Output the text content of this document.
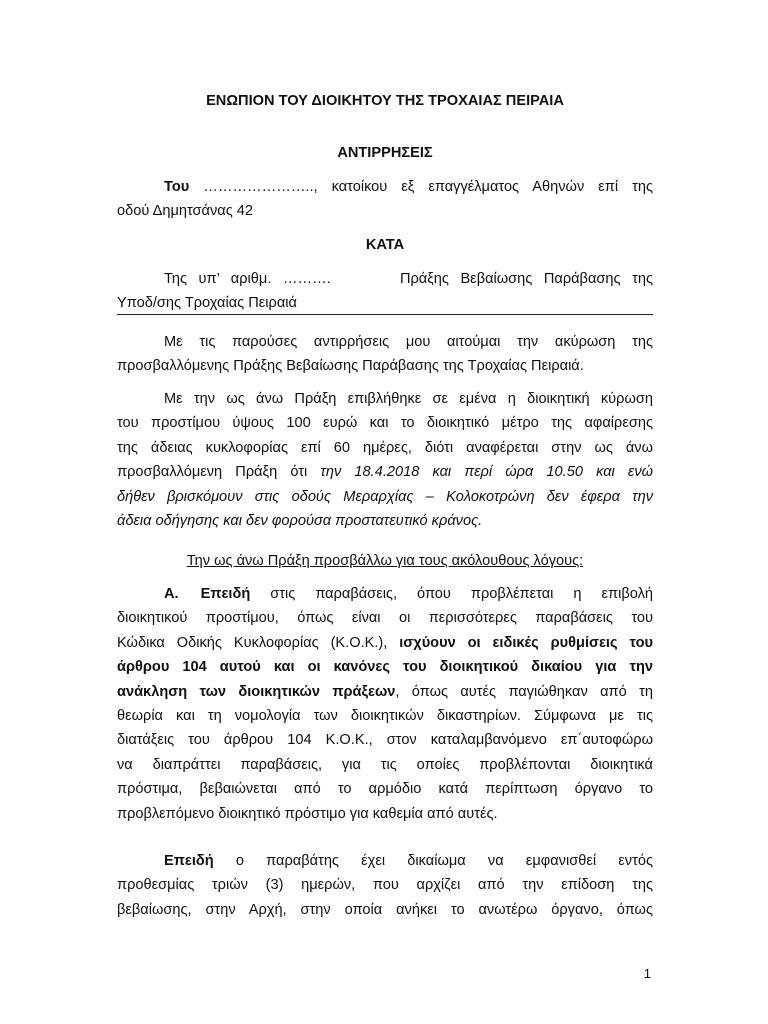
ΕΝΩΠΙΟΝ ΤΟΥ ΔΙΟΙΚΗΤΟΥ ΤΗΣ ΤΡΟΧΑΙΑΣ ΠΕΙΡΑΙΑ
ΑΝΤΙΡΡΗΣΕΙΣ

Του ………………….., κατοίκου εξ επαγγέλματος Αθηνών επί της

οδού Δημητσάνας 42

ΚΑΤΑ

Της υπ’ αριθμ. ……….	Πράξης Βεβαίωσης Παράβασης της

Υποδ/σης Τροχαίας Πειραιά

Με τις παρούσες αντιρρήσεις μου αιτούμαι την ακύρωση της

προσβαλλόμενης Πράξης Βεβαίωσης Παράβασης της Τροχαίας Πειραιά.

Με την ως άνω Πράξη επιβλήθηκε σε εμένα η διοικητική κύρωση

του προστίμου ύψους 100 ευρώ και το διοικητικό μέτρο της αφαίρεσης

της άδειας κυκλοφορίας επί 60 ημέρες, διότι αναφέρεται στην ως άνω

προσβαλλόμενη Πράξη ότι την 18.4.2018 και περί ώρα 10.50 και ενώ

δήθεν βρισκόμουν στις οδούς Μεραρχίας – Κολοκοτρώνη δεν έφερα την

άδεια οδήγησης και δεν φορούσα προστατευτικό κράνος.

Την ως άνω Πράξη προσβάλλω για τους ακόλουθους λόγους:

Α. Επειδή στις παραβάσεις, όπου προβλέπεται η επιβολή

διοικητικού προστίμου, όπως είναι οι περισσότερες παραβάσεις του

Κώδικα Οδικής Κυκλοφορίας (Κ.Ο.Κ.), ισχύουν οι ειδικές ρυθμίσεις του

άρθρου 104 αυτού και οι κανόνες του διοικητικού δικαίου για την

ανάκληση των διοικητικών πράξεων, όπως αυτές παγιώθηκαν από τη

θεωρία και τη νομολογία των διοικητικών δικαστηρίων. Σύμφωνα με τις

διατάξεις του άρθρου 104 Κ.Ο.Κ., στον καταλαμβανόμενο επ΄αυτοφώρω

να διαπράττει παραβάσεις, για τις οποίες προβλέπονται διοικητικά

πρόστιμα, βεβαιώνεται από το αρμόδιο κατά περίπτωση όργανο το

προβλεπόμενο διοικητικό πρόστιμο για καθεμία από αυτές.

Επειδή ο παραβάτης έχει δικαίωμα να εμφανισθεί εντός

προθεσμίας τριών (3) ημερών, που αρχίζει από την επίδοση της

βεβαίωσης, στην Αρχή, στην οποία ανήκει το ανωτέρω όργανο, όπως

1
